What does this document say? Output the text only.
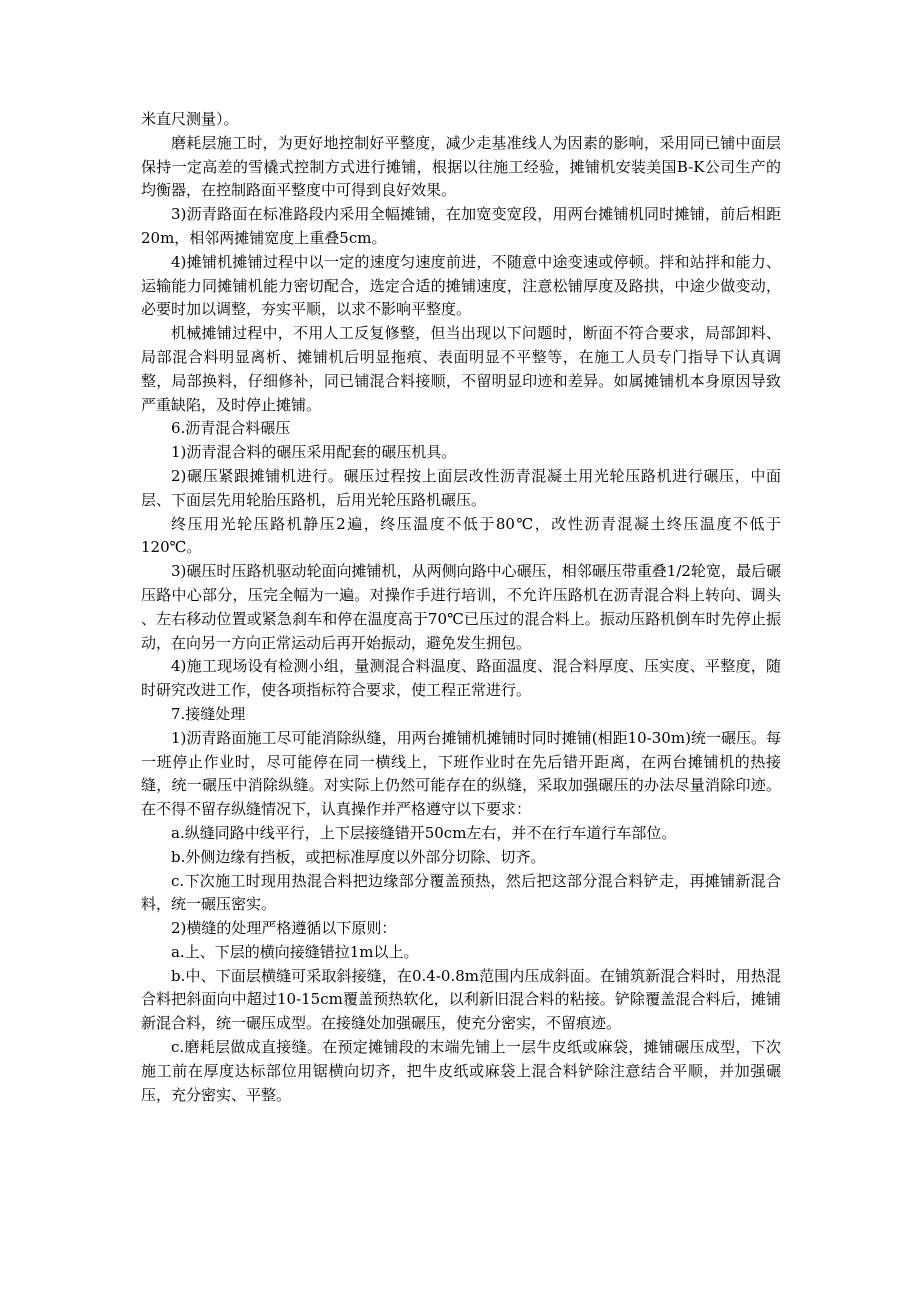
米直尺测量）。

磨耗层施工时，为更好地控制好平整度，减少走基准线人为因素的影响，采用同已铺中面层保持一定高差的雪橇式控制方式进行摊铺，根据以往施工经验，摊铺机安装美国B-K公司生产的均衡器，在控制路面平整度中可得到良好效果。

3)沥青路面在标准路段内采用全幅摊铺，在加宽变宽段，用两台摊铺机同时摊铺，前后相距20m，相邻两摊铺宽度上重叠5cm。

4)摊铺机摊铺过程中以一定的速度匀速度前进，不随意中途变速或停顿。拌和站拌和能力、运输能力同摊铺机能力密切配合，选定合适的摊铺速度，注意松铺厚度及路拱，中途少做变动，必要时加以调整，夯实平顺，以求不影响平整度。

机械摊铺过程中，不用人工反复修整，但当出现以下问题时，断面不符合要求，局部卸料、局部混合料明显离析、摊铺机后明显拖痕、表面明显不平整等，在施工人员专门指导下认真调整，局部换料，仔细修补，同已铺混合料接顺，不留明显印迹和差异。如属摊铺机本身原因导致严重缺陷，及时停止摊铺。

6.沥青混合料碾压

1)沥青混合料的碾压采用配套的碾压机具。

2)碾压紧跟摊铺机进行。碾压过程按上面层改性沥青混凝土用光轮压路机进行碾压，中面层、下面层先用轮胎压路机，后用光轮压路机碾压。

终压用光轮压路机静压2遍，终压温度不低于80℃，改性沥青混凝土终压温度不低于120℃。

3)碾压时压路机驱动轮面向摊铺机，从两侧向路中心碾压，相邻碾压带重叠1/2轮宽，最后碾压路中心部分，压完全幅为一遍。对操作手进行培训，不允许压路机在沥青混合料上转向、调头 、左右移动位置或紧急刹车和停在温度高于70℃已压过的混合料上。振动压路机倒车时先停止振动，在向另一方向正常运动后再开始振动，避免发生拥包。

4)施工现场设有检测小组，量测混合料温度、路面温度、混合料厚度、压实度、平整度，随时研究改进工作，使各项指标符合要求，使工程正常进行。

7.接缝处理

1)沥青路面施工尽可能消除纵缝，用两台摊铺机摊铺时同时摊铺(相距10-30m)统一碾压。每一班停止作业时，尽可能停在同一横线上，下班作业时在先后错开距离，在两台摊铺机的热接缝，统一碾压中消除纵缝。对实际上仍然可能存在的纵缝，采取加强碾压的办法尽量消除印迹。在不得不留存纵缝情况下，认真操作并严格遵守以下要求：

a.纵缝同路中线平行，上下层接缝错开50cm左右，并不在行车道行车部位。

b.外侧边缘有挡板，或把标准厚度以外部分切除、切齐。

c.下次施工时现用热混合料把边缘部分覆盖预热，然后把这部分混合料铲走，再摊铺新混合料，统一碾压密实。

2)横缝的处理严格遵循以下原则：

a.上、下层的横向接缝错拉1m以上。

b.中、下面层横缝可采取斜接缝，在0.4-0.8m范围内压成斜面。在铺筑新混合料时，用热混合料把斜面向中超过10-15cm覆盖预热软化，以利新旧混合料的粘接。铲除覆盖混合料后，摊铺新混合料，统一碾压成型。在接缝处加强碾压，使充分密实，不留痕迹。

c.磨耗层做成直接缝。在预定摊铺段的末端先铺上一层牛皮纸或麻袋，摊铺碾压成型，下次施工前在厚度达标部位用锯横向切齐，把牛皮纸或麻袋上混合料铲除注意结合平顺，并加强碾压，充分密实、平整。
